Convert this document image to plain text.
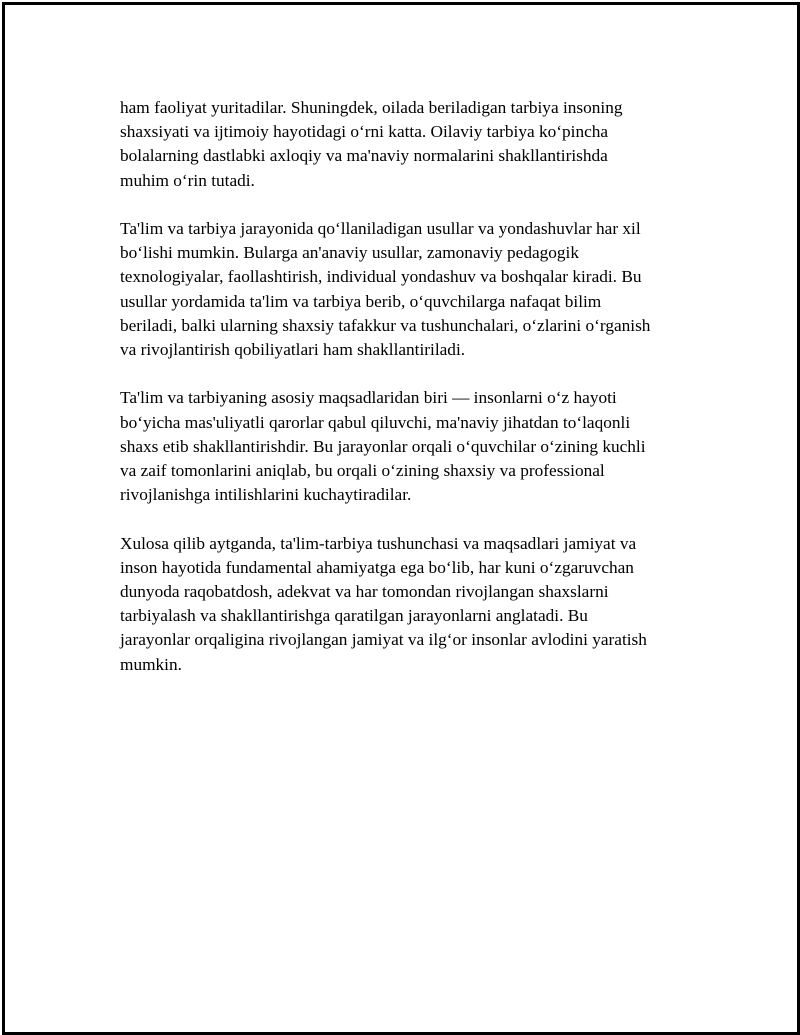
ham faoliyat yuritadilar. Shuningdek, oilada beriladigan tarbiya insoning
shaxsiyati va ijtimoiy hayotidagi o‘rni katta. Oilaviy tarbiya ko‘pincha
bolalarning dastlabki axloqiy va ma'naviy normalarini shakllantirishda
muhim o‘rin tutadi.

Ta'lim va tarbiya jarayonida qo‘llaniladigan usullar va yondashuvlar har xil
bo‘lishi mumkin. Bularga an'anaviy usullar, zamonaviy pedagogik
texnologiyalar, faollashtirish, individual yondashuv va boshqalar kiradi. Bu
usullar yordamida ta'lim va tarbiya berib, o‘quvchilarga nafaqat bilim
beriladi, balki ularning shaxsiy tafakkur va tushunchalari, o‘zlarini o‘rganish
va rivojlantirish qobiliyatlari ham shakllantiriladi.

Ta'lim va tarbiyaning asosiy maqsadlaridan biri — insonlarni o‘z hayoti
bo‘yicha mas'uliyatli qarorlar qabul qiluvchi, ma'naviy jihatdan to‘laqonli
shaxs etib shakllantirishdir. Bu jarayonlar orqali o‘quvchilar o‘zining kuchli
va zaif tomonlarini aniqlab, bu orqali o‘zining shaxsiy va professional
rivojlanishga intilishlarini kuchaytiradilar.

Xulosa qilib aytganda, ta'lim-tarbiya tushunchasi va maqsadlari jamiyat va
inson hayotida fundamental ahamiyatga ega bo‘lib, har kuni o‘zgaruvchan
dunyoda raqobatdosh, adekvat va har tomondan rivojlangan shaxslarni
tarbiyalash va shakllantirishga qaratilgan jarayonlarni anglatadi. Bu
jarayonlar orqaligina rivojlangan jamiyat va ilg‘or insonlar avlodini yaratish
mumkin.
